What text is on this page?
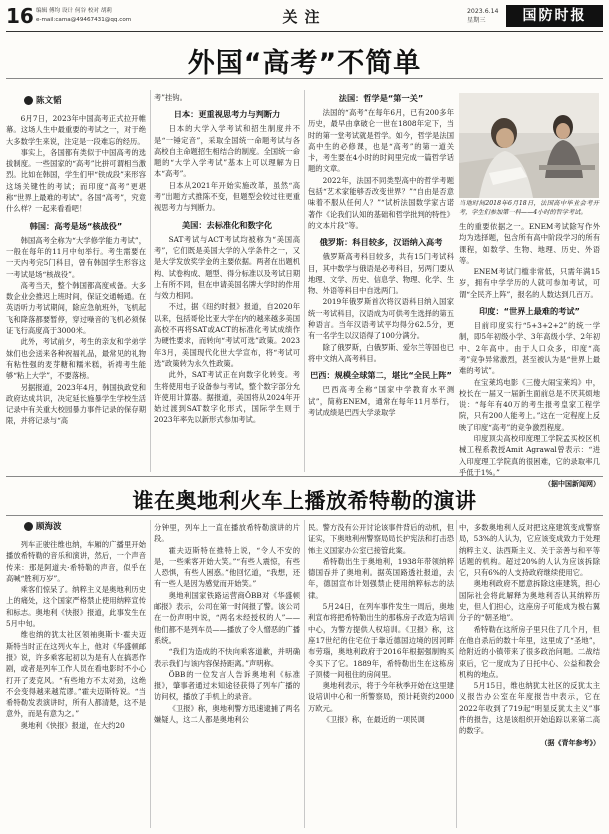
16 编辑 傅均 设计 何谷 校对 胡莉
e-mail:cama@49467431@qq.com	关注	2023.6.14
星期三	国防时报
外国“高考”不简单
陈文韬

6月7日，2023年中国高考正式拉开帷幕。这场人生中最重要的考试之一，对于绝大多数学生来说，注定是一段难忘的经历。

事实上，各国都有类似于中国高考的选拔制度。一些国家的“高考”比拼可谓相当激烈。比如在韩国，学生们甲“铁成段”来形容这场关键性的考试；而印度“高考”更堪称“世界上最难的考试”。各国“高考”，究竟什么样？一起来看看吧！

韩国：高考是场“核战役”

韩国高考全称为“大学修学能力考试”，一般在每年的11月中旬举行。考生需要在一天内考完5门科目，曾有韩国学生形容这一考试是场“核战役”。

高考当天，整个韩国都高度戒备。大多数企业会推迟上班时间，保证交通畅通。在英语听力考试期间，除应急航班外，飞机起飞和降落都要暂停，穿过噪音的飞机必须保证飞行高度高于3000米。

此外，考试前夕，考生的亲友和学弟学妹们也会送来各种祝福礼品，最常见的礼物有粘性强的麦芽糖和糯米糕，祈祷考生能够“粘上大学”，不要落榜。

另据报道，2023年4月，韩国执政党和政府达成共识，决定延长施暴学生学校生活记录中有关重大校园暴力事件记录的保存期限，并将记录与“高

考”挂钩。

日本：更重视思考力与判断力

日本的大学入学考试和招生制度并不是“一锤定音”，采取全国统一命题考试与各高校自主命题招生相结合的制度。全国统一命题的“大学入学考试”基本上可以理解为日本“高考”。

日本从2021年开始实施改革，虽然“高考”出题方式推陈不变，但题型会较过往更重视思考力与判断力。

美国：去标准化和数字化

SAT考试与ACT考试均被称为“美国高考”，它们既是美国大学的入学条件之一，又是大学发放奖学金的主要依据。两者在出题机构、试卷构成、题型、得分标准以及考试日期上有所不同，但在申请美国名牌大学时的作用与效力相同。

不过，据《纽约时报》报道，自2020年以来，包括哥伦比亚大学在内的越来越多美国高校不再将SAT或ACT的标准化考试成绩作为硬性要求，而转向“考试可选”政策。2023年3月，美国现代化世大学宣布，将“考试可选”政策转为永久性政策。

此外，SAT考试正在向数字化转变。考生将使用电子设备参与考试，整个数字部分允许使用计算器。据报道，美国将从2024年开始过渡到SAT数字化形式，国际学生则于2023年率先以新形式参加考试。

法国：哲学是“第一关”

法国的“高考”在每年6月，已有200多年历史，最早由拿破仑一世在1808年定下，当时的第一堂考试就是哲学。如今，哲学是法国高中生的必修课，也是“高考”的第一道关卡，考生要在4小时的时间里完成一篇哲学话题的文章。

2022年，法国不同类型高中的哲学考题包括“艺术家能够否改变世界？”“自由是否意味着不服从任何人？”“试析法国数学家古诺著作《论我们认知的基础和哲学批判的特性》的文本片段”等。

俄罗斯：科目较多，汉语纳入高考

俄罗斯高考科目较多，共有15门考试科目，其中数学与俄语是必考科目，另两门要从地理、文学、历史、信息学、物理、化学、生物、外语等科目中自选两门。

2019年俄罗斯首次将汉语科目纳入国家统一考试科目，汉语成为可供考生选择的第五种语言。当年汉语考试平均得分62.5分，更有一名学生以汉语得了100分满分。

除了俄罗斯，白俄罗斯、爱尔兰等国也已将中文纳入高考科目。

巴西：规模全球第二，堪比“全民上阵”

巴西高考全称“国家中学教育水平测试”，简称ENEM，通常在每年11月举行，考试成绩是巴西大学录取学

当地时间2018年6月18日，法国高中毕业会考开考，学生们参加第一科——4小时的哲学考试。

生的重要依据之一。ENEM考试除写作外均为选择题，包含所有高中阶段学习的所有课程，如数学、生物、地理、历史、外语等。

ENEM考试门槛非常低，只需年满15岁，拥有中学学历的人就可参加考试，可谓“全民齐上阵”，报名的人数达到几百万。

印度：“世界上最难的考试”

目前印度实行“5+3+2+2”的统一学制，即5年初级小学、3年高级小学、2年初中、2年高中。由于人口众多，印度“高考”竞争异常激烈，甚至被认为是“世界上最难的考试”。

在宝莱坞电影《三傻大闹宝莱坞》中，校长在一届又一届新生面前总是不厌其烦地说：“每年有40万的考生报考皇家工程学院，只有200人能考上。”这在一定程度上反映了印度“高考”的竞争激烈程度。

印度顶尖高校印度理工学院孟买校区机械工程系教授Amit Agrawal曾表示：“进入印度理工学院真的很困难，它的录取率几乎低于1%。”

（据中国新闻网）

谁在奥地利火车上播放希特勒的演讲
顾海波

列车正驶往维也纳，车厢的广播里开始播放希特勒的音乐和演讲，然后，一个声音传来：那是阿道夫·希特勒的声音，似乎在高喊“胜利万岁”。

乘客们惊呆了。纳粹主义是奥地利历史上的痛处，这个国家严格禁止使用纳粹宣传和标志。奥地利《快报》报道，此事发生在5月中旬。

维也纳的犹太社区领袖奥斯卡·霍夫迈斯特当时正在这列火车上，他对《华盛顿邮报》说，许多乘客起初以为是有人在搞恶作剧，或者是列车工作人员在看电影时不小心打开了麦克风。“有些地方不太对劲，这绝不会变得越来越荒谬。”霍夫迈斯特说。“当希特勒发表演讲时，所有人都清楚，这不是意外，而是有意为之。”

奥地利《快报》报道，在大约20

分钟里，列车上一直在播放希特勒演讲的片段。

霍夫迈斯特在推特上说，“令人不安的是，一些乘客开始大笑。”“有些人震惊，有些人恐惧，有些人困惑。”他回忆道，“我想，还有一些人是因为感觉而开始笑。”

奥地利国家铁路运营商ÖBB对《华盛顿邮报》表示，公司在第一时间报了警。该公司在一份声明中说，“两名未经授权的人”——他们都不是列车员——播放了令人憎恶的广播系统。

“我们为造成的不快向乘客道歉，并明确表示我们与该内容保持距离。”声明称。

ÖBB的一位发言人告诉奥地利《标准报》，肇事者通过未知途径获得了列车广播的访问权，播放了手机上的录音。

《卫报》称，奥地利警方迅速逮捕了两名嫌疑人，这二人都是奥地利公

民。警方没有公开讨论该事件背后的动机，但证实，下奥地利州警察局局长护宪法和打击恐怖主义国家办公室已接管此案。

希特勒出生于奥地利，1938年带领纳粹德国吞并了奥地利。据英国路透社报道，去年，德国宣布计划强禁止使用纳粹标志的法律。

5月24日，在列车事件发生一周后，奥地利宣布将把希特勒出生的那栋房子改造为培训中心，为警方提供人权培训。《卫报》称，这座17世纪的住宅位于靠近德国边境的因河畔布劳瑙，奥地利政府于2016年根据强制购买令买下了它。1889年，希特勒出生在这栋房子顶楼一间租住的房间里。

奥地利表示，将于今年秋季开始在这里建设培训中心和一所警察局，预计耗资约2000万欧元。

《卫报》称，在最近的一项民调

中，多数奥地利人反对把这座建筑变成警察局，53%的人认为，它应该变成致力于处理纳粹主义、法西斯主义、关于亲善与和平等话题的机构。超过20%的人认为应该拆除它，只有6%的人支持政府继续使用它。

奥地利政府不愿意拆除这座建筑，担心国际社会将此解释为奥地利否认其纳粹历史，但人们担心，这座房子可能成为极右翼分子的“朝圣地”。

希特勒在这所房子里只住了几个月，但在他自杀后的数十年里，这里成了“圣地”，给附近的小镇带来了很多政治问题。二战结束后，它一度成为了日托中心、公益和教会机构的地点。

5月15日，维也纳犹太社区的反犹太主义报告办公室在年度报告中表示，它在2022年收到了719起“明显反犹太主义”事件的报告，这是该组织开始追踪以来第二高的数字。

（据《青年参考》）
